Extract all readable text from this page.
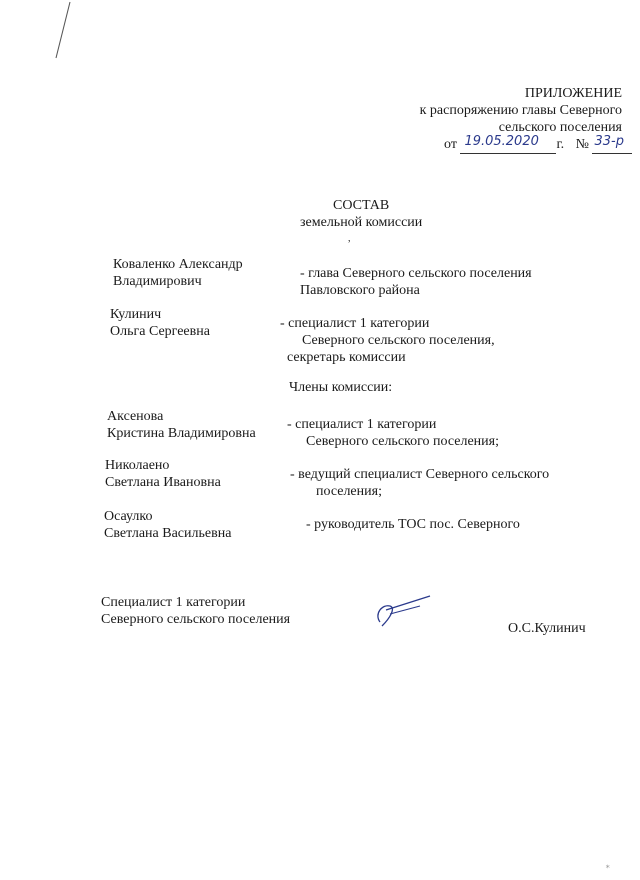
ПРИЛОЖЕНИЕ
к распоряжению главы Северного
сельского поселения
от 19.05.2020 г. № 33-р

СОСТАВ
земельной комиссии
,
Коваленко Александр
Владимирович
- глава Северного сельского поселения
Павловского района
Кулинич
Ольга Сергеевна
- специалист 1 категории
Северного сельского поселения,
секретарь комиссии
Члены комиссии:
Аксенова
Кристина Владимировна
- специалист 1 категории
Северного сельского поселения;
Николаено
Светлана Ивановна
- ведущий специалист Северного сельского
поселения;
Осаулко
Светлана Васильевна
- руководитель ТОС пос. Северного
Специалист 1 категории
Северного сельского поселения
О.С.Кулинич
∗
